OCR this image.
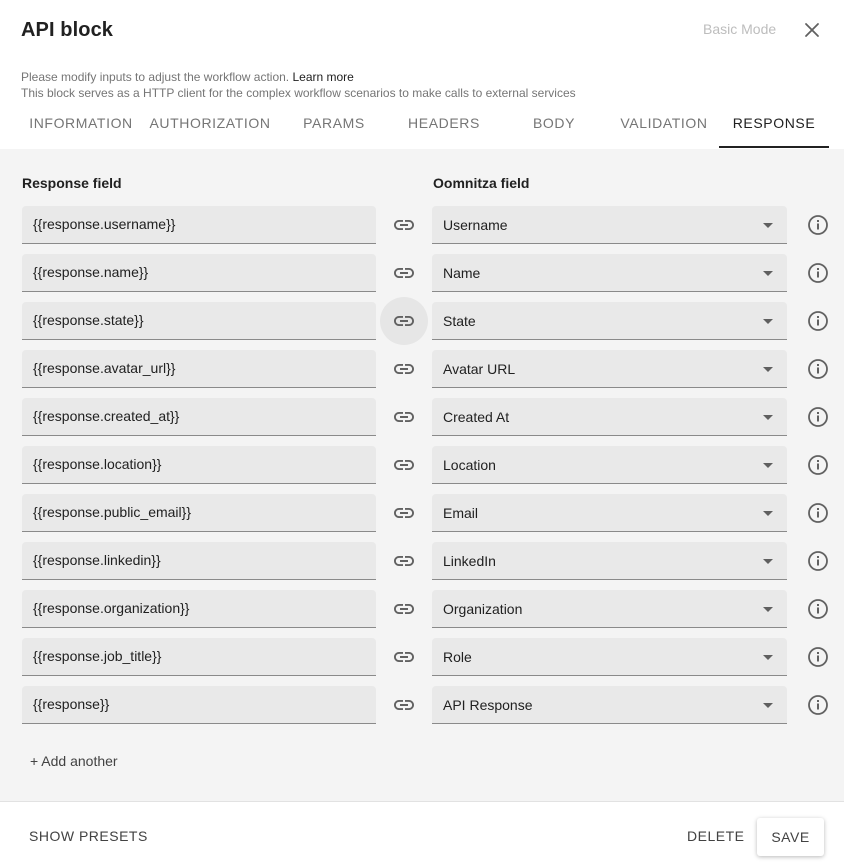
API block	Basic Mode
Please modify inputs to adjust the workflow action. Learn more
This block serves as a HTTP client for the complex workflow scenarios to make calls to external services
INFORMATION	AUTHORIZATION	PARAMS	HEADERS	BODY	VALIDATION	RESPONSE
Response field	Oomnitza field
{{response.username}}	Username
{{response.name}}	Name
{{response.state}}	State
{{response.avatar_url}}	Avatar URL
{{response.created_at}}	Created At
{{response.location}}	Location
{{response.public_email}}	Email
{{response.linkedin}}	LinkedIn
{{response.organization}}	Organization
{{response.job_title}}	Role
{{response}}	API Response
+ Add another
SHOW PRESETS	DELETE	SAVE
